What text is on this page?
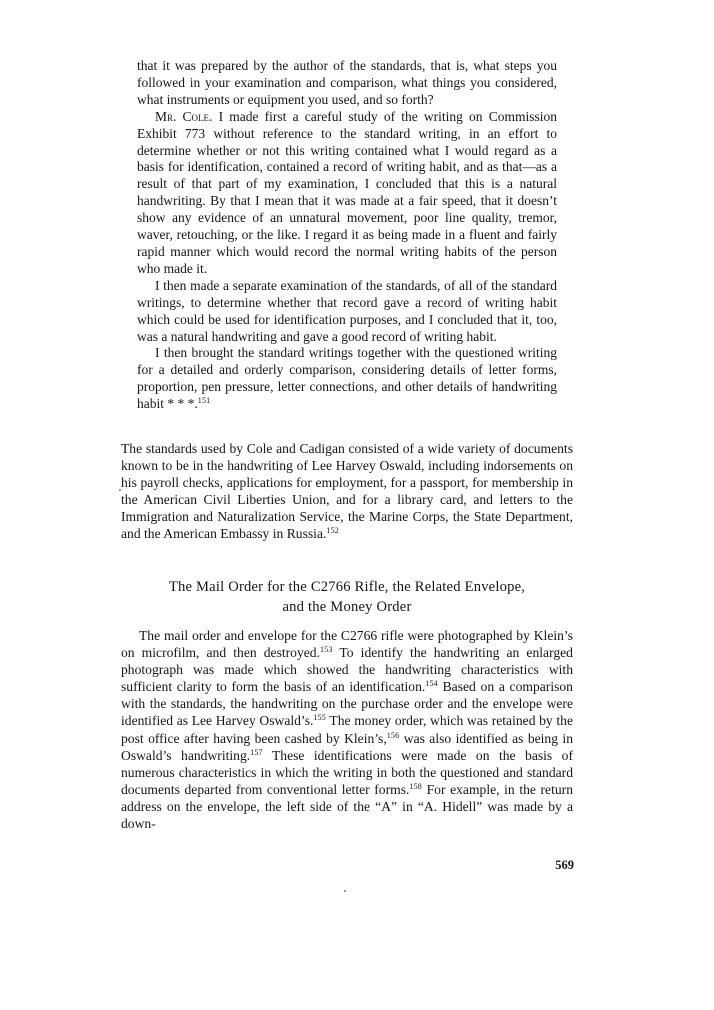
that it was prepared by the author of the standards, that is, what steps you followed in your examination and comparison, what things you considered, what instruments or equipment you used, and so forth?

Mr. Cole. I made first a careful study of the writing on Commission Exhibit 773 without reference to the standard writing, in an effort to determine whether or not this writing contained what I would regard as a basis for identification, contained a record of writing habit, and as that—as a result of that part of my examination, I concluded that this is a natural handwriting. By that I mean that it was made at a fair speed, that it doesn’t show any evidence of an unnatural movement, poor line quality, tremor, waver, retouching, or the like. I regard it as being made in a fluent and fairly rapid manner which would record the normal writing habits of the person who made it.

I then made a separate examination of the standards, of all of the standard writings, to determine whether that record gave a record of writing habit which could be used for identification purposes, and I concluded that it, too, was a natural handwriting and gave a good record of writing habit.

I then brought the standard writings together with the questioned writing for a detailed and orderly comparison, considering details of letter forms, proportion, pen pressure, letter connections, and other details of handwriting habit * * *.$^{151}$

The standards used by Cole and Cadigan consisted of a wide variety of documents known to be in the handwriting of Lee Harvey Oswald, including indorsements on his payroll checks, applications for employment, for a passport, for membership in the American Civil Liberties Union, and for a library card, and letters to the Immigration and Naturalization Service, the Marine Corps, the State Department, and the American Embassy in Russia.$^{152}$

The Mail Order for the C2766 Rifle, the Related Envelope,
and the Money Order

The mail order and envelope for the C2766 rifle were photographed by Klein’s on microfilm, and then destroyed.$^{153}$ To identify the handwriting an enlarged photograph was made which showed the handwriting characteristics with sufficient clarity to form the basis of an identification.$^{154}$ Based on a comparison with the standards, the handwriting on the purchase order and the envelope were identified as Lee Harvey Oswald’s.$^{155}$ The money order, which was retained by the post office after having been cashed by Klein’s,$^{156}$ was also identified as being in Oswald’s handwriting.$^{157}$ These identifications were made on the basis of numerous characteristics in which the writing in both the questioned and standard documents departed from conventional letter forms.$^{158}$ For example, in the return address on the envelope, the left side of the “A” in “A. Hidell” was made by a down-

569
